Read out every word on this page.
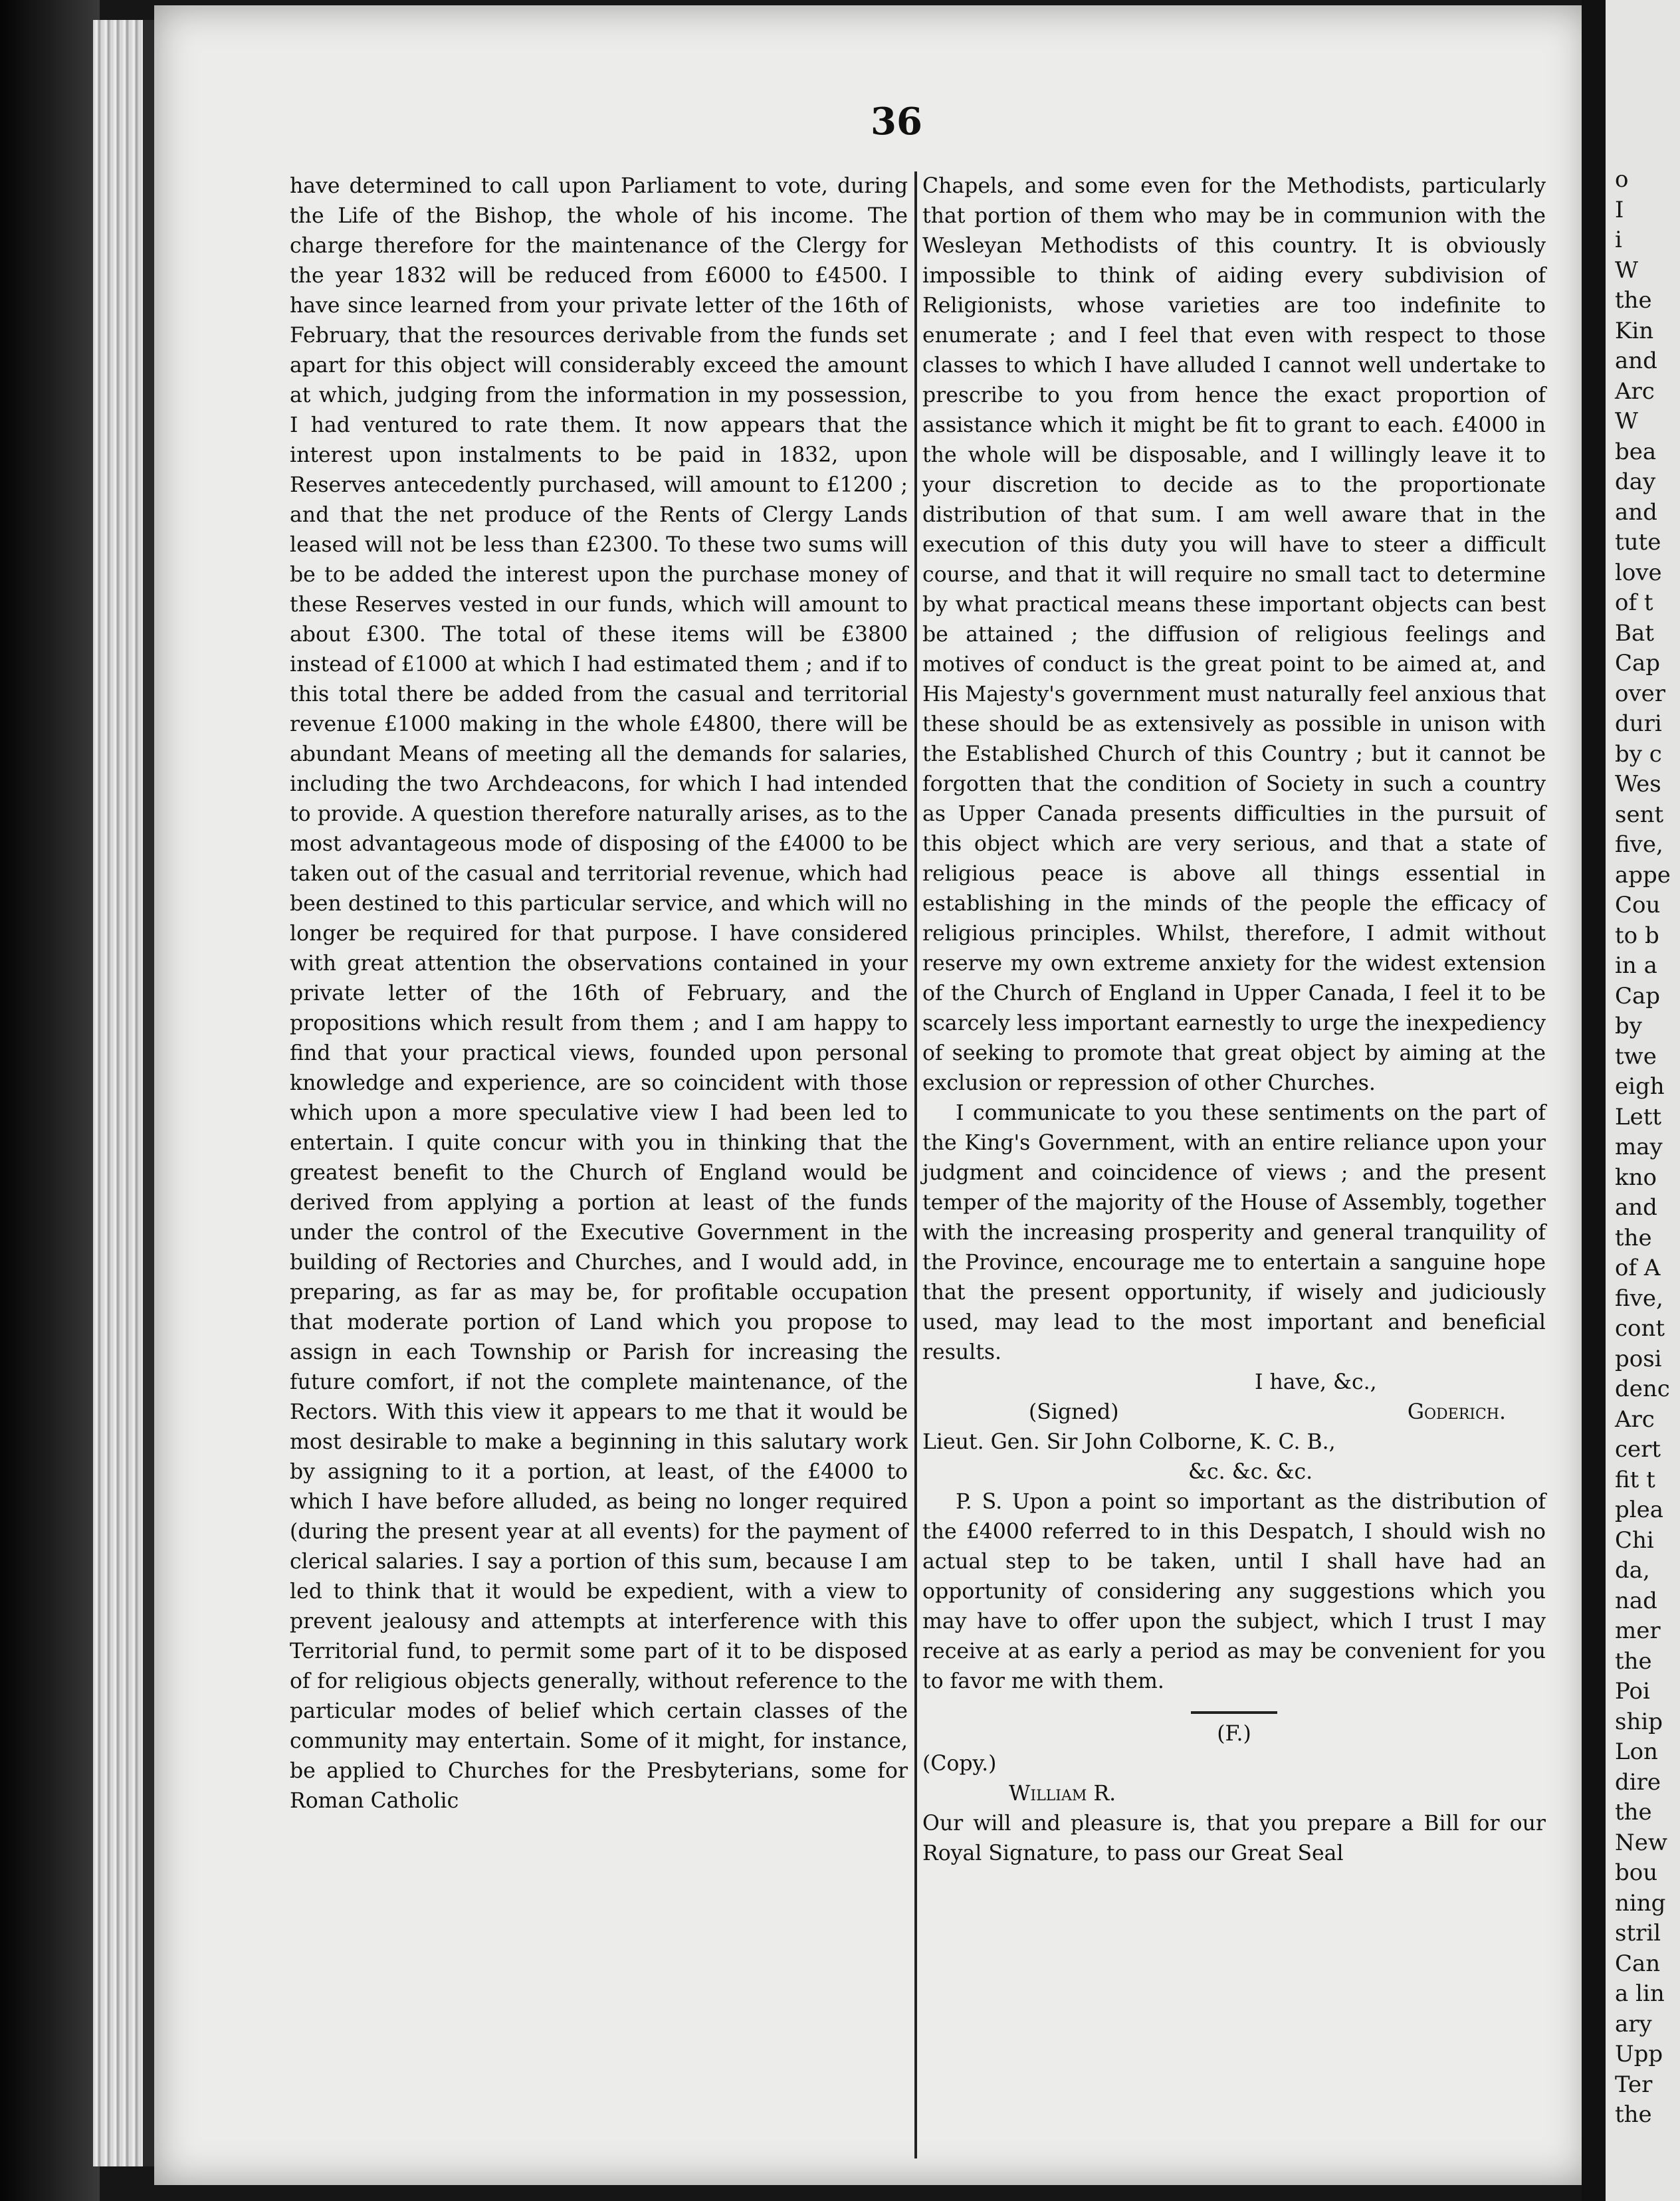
36

have determined to call upon Parliament to vote, during the Life of the Bishop, the whole of his income. The charge therefore for the maintenance of the Clergy for the year 1832 will be reduced from £6000 to £4500. I have since learned from your private letter of the 16th of February, that the resources derivable from the funds set apart for this object will considerably exceed the amount at which, judging from the information in my possession, I had ventured to rate them. It now appears that the interest upon instalments to be paid in 1832, upon Reserves antecedently purchased, will amount to £1200 ; and that the net produce of the Rents of Clergy Lands leased will not be less than £2300. To these two sums will be to be added the interest upon the purchase money of these Reserves vested in our funds, which will amount to about £300. The total of these items will be £3800 instead of £1000 at which I had estimated them ; and if to this total there be added from the casual and territorial revenue £1000 making in the whole £4800, there will be abundant Means of meeting all the demands for salaries, including the two Archdeacons, for which I had intended to provide. A question therefore naturally arises, as to the most advantageous mode of disposing of the £4000 to be taken out of the casual and territorial revenue, which had been destined to this particular service, and which will no longer be required for that purpose. I have considered with great attention the observations contained in your private letter of the 16th of February, and the propositions which result from them ; and I am happy to find that your practical views, founded upon personal knowledge and experience, are so coincident with those which upon a more speculative view I had been led to entertain. I quite concur with you in thinking that the greatest benefit to the Church of England would be derived from applying a portion at least of the funds under the control of the Executive Government in the building of Rectories and Churches, and I would add, in preparing, as far as may be, for profitable occupation that moderate portion of Land which you propose to assign in each Township or Parish for increasing the future comfort, if not the complete maintenance, of the Rectors. With this view it appears to me that it would be most desirable to make a beginning in this salutary work by assigning to it a portion, at least, of the £4000 to which I have before alluded, as being no longer required (during the present year at all events) for the payment of clerical salaries. I say a portion of this sum, because I am led to think that it would be expedient, with a view to prevent jealousy and attempts at interference with this Territorial fund, to permit some part of it to be disposed of for religious objects generally, without reference to the particular modes of belief which certain classes of the community may entertain. Some of it might, for instance, be applied to Churches for the Presbyterians, some for Roman Catholic

Chapels, and some even for the Methodists, particularly that portion of them who may be in communion with the Wesleyan Methodists of this country. It is obviously impossible to think of aiding every subdivision of Religionists, whose varieties are too indefinite to enumerate ; and I feel that even with respect to those classes to which I have alluded I cannot well undertake to prescribe to you from hence the exact proportion of assistance which it might be fit to grant to each. £4000 in the whole will be disposable, and I willingly leave it to your discretion to decide as to the proportionate distribution of that sum. I am well aware that in the execution of this duty you will have to steer a difficult course, and that it will require no small tact to determine by what practical means these important objects can best be attained ; the diffusion of religious feelings and motives of conduct is the great point to be aimed at, and His Majesty's government must naturally feel anxious that these should be as extensively as possible in unison with the Established Church of this Country ; but it cannot be forgotten that the condition of Society in such a country as Upper Canada presents difficulties in the pursuit of this object which are very serious, and that a state of religious peace is above all things essential in establishing in the minds of the people the efficacy of religious principles. Whilst, therefore, I admit without reserve my own extreme anxiety for the widest extension of the Church of England in Upper Canada, I feel it to be scarcely less important earnestly to urge the inexpediency of seeking to promote that great object by aiming at the exclusion or repression of other Churches.

I communicate to you these sentiments on the part of the King's Government, with an entire reliance upon your judgment and coincidence of views ; and the present temper of the majority of the House of Assembly, together with the increasing prosperity and general tranquility of the Province, encourage me to entertain a sanguine hope that the present opportunity, if wisely and judiciously used, may lead to the most important and beneficial results.

I have, &c.,

(Signed)	Goderich.

Lieut. Gen. Sir John Colborne, K. C. B.,

&c. &c. &c.

P. S. Upon a point so important as the distribution of the £4000 referred to in this Despatch, I should wish no actual step to be taken, until I shall have had an opportunity of considering any suggestions which you may have to offer upon the subject, which I trust I may receive at as early a period as may be convenient for you to favor me with them.

(F.)

(Copy.)

William R.

Our will and pleasure is, that you prepare a Bill for our Royal Signature, to pass our Great Seal

o
I
i
W
the
Kin
and
Arc
W
bea
day
and
tute
love
of t
Bat
Cap
over
duri
by c
Wes
sent
five,
appe
Cou
to b
in a
Cap
by
twe
eigh
Lett
may
kno
and
the
of A
five,
cont
posi
denc
Arc
cert
fit t
plea
Chi
da,
nad
mer
the
Poi
ship
Lon
dire
the
New
bou
ning
stril
Can
a lin
ary
Upp
Ter
the
